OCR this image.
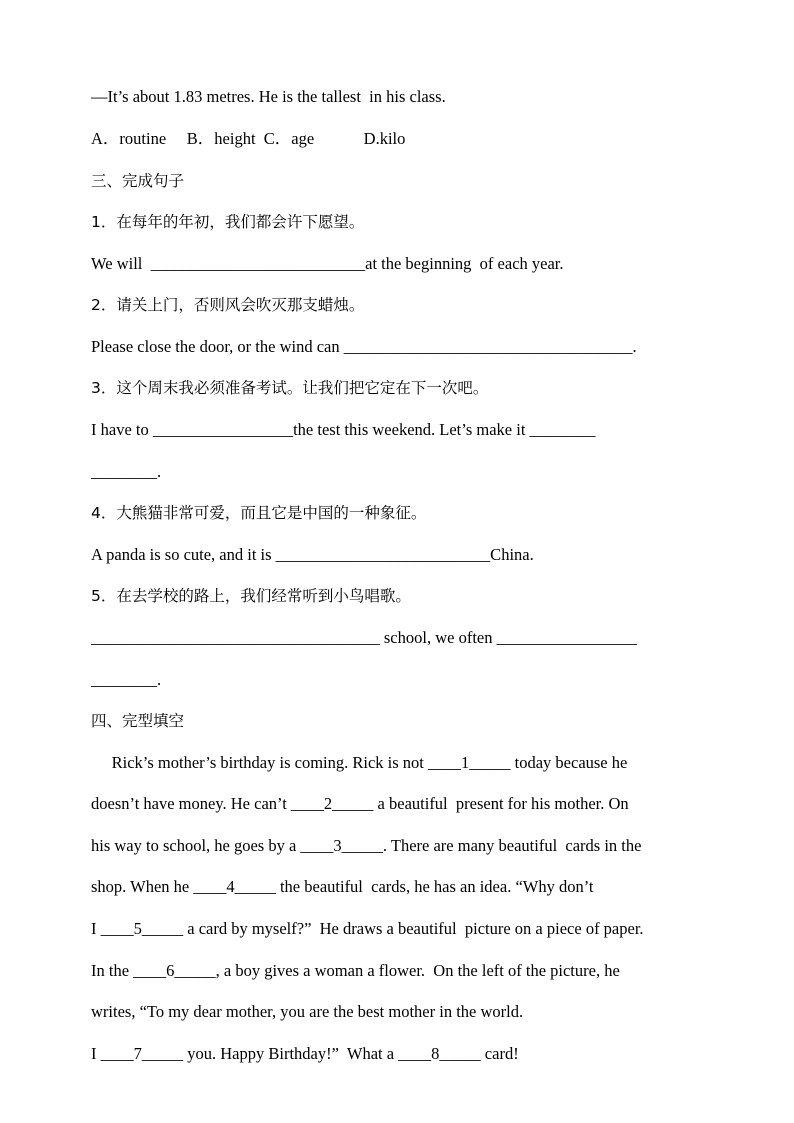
—It’s about 1.83 metres. He is the tallest  in his class.
A．routine     B．height  C．age            D.kilo
三、完成句子
1．在每年的年初，我们都会许下愿望。
We will  __________________________at the beginning  of each year.
2．请关上门，否则风会吹灭那支蜡烛。
Please close the door, or the wind can ___________________________________.
3．这个周末我必须准备考试。让我们把它定在下一次吧。
I have to _________________the test this weekend. Let’s make it ________
________.
4．大熊猫非常可爱，而且它是中国的一种象征。
A panda is so cute, and it is __________________________China.
5．在去学校的路上，我们经常听到小鸟唱歌。
___________________________________ school, we often _________________
________.
四、完型填空
Rick’s mother’s birthday is coming. Rick is not ____1_____ today because he
doesn’t have money. He can’t ____2_____ a beautiful  present for his mother. On
his way to school, he goes by a ____3_____. There are many beautiful  cards in the
shop. When he ____4_____ the beautiful  cards, he has an idea. “Why don’t
I ____5_____ a card by myself?”  He draws a beautiful  picture on a piece of paper.
In the ____6_____, a boy gives a woman a flower.  On the left of the picture, he
writes, “To my dear mother, you are the best mother in the world.
I ____7_____ you. Happy Birthday!”  What a ____8_____ card!
